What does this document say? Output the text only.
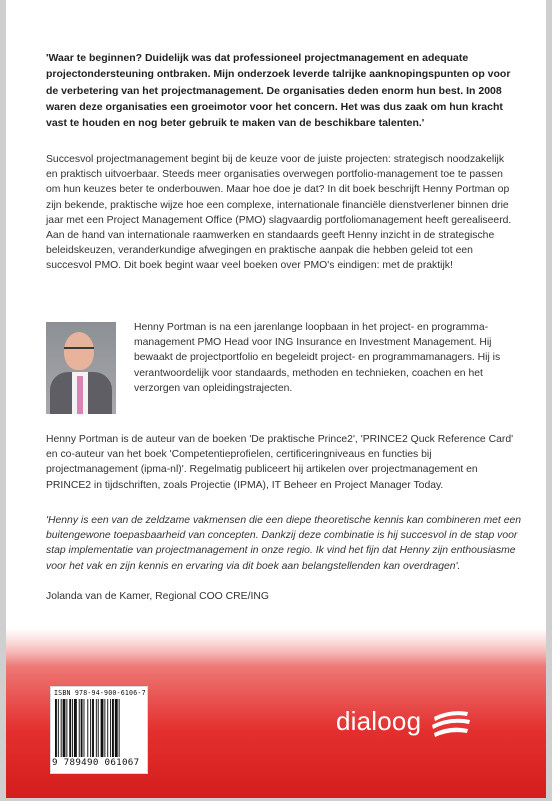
'Waar te beginnen? Duidelijk was dat professioneel projectmanagement en adequate projectondersteuning ontbraken. Mijn onderzoek leverde talrijke aanknopingspunten op voor de verbetering van het projectmanagement. De organisaties deden enorm hun best. In 2008 waren deze organisaties een groeimotor voor het concern. Het was dus zaak om hun kracht vast te houden en nog beter gebruik te maken van de beschikbare talenten.'

Succesvol projectmanagement begint bij de keuze voor de juiste projecten: strategisch noodzakelijk en praktisch uitvoerbaar. Steeds meer organisaties overwegen portfolio-management toe te passen om hun keuzes beter te onderbouwen. Maar hoe doe je dat? In dit boek beschrijft Henny Portman op zijn bekende, praktische wijze hoe een complexe, internationale financiële dienstverlener binnen drie jaar met een Project Management Office (PMO) slagvaardig portfoliomanagement heeft gerealiseerd. Aan de hand van internationale raamwerken en standaards geeft Henny inzicht in de strategische beleidskeuzen, veranderkundige afwegingen en praktische aanpak die hebben geleid tot een succesvol PMO. Dit boek begint waar veel boeken over PMO's eindigen: met de praktijk!

Henny Portman is na een jarenlange loopbaan in het project- en programma-management PMO Head voor ING Insurance en Investment Management. Hij bewaakt de projectportfolio en begeleidt project- en programmamanagers. Hij is verantwoordelijk voor standaards, methoden en technieken, coachen en het verzorgen van opleidingstrajecten.

Henny Portman is de auteur van de boeken 'De praktische Prince2', 'PRINCE2 Quck Reference Card' en co-auteur van het boek 'Competentieprofielen, certificeringniveaus en functies bij projectmanagement (ipma-nl)'. Regelmatig publiceert hij artikelen over projectmanagement en PRINCE2 in tijdschriften, zoals Projectie (IPMA), IT Beheer en Project Manager Today.

'Henny is een van de zeldzame vakmensen die een diepe theoretische kennis kan combineren met een buitengewone toepasbaarheid van concepten. Dankzij deze combinatie is hij succesvol in de stap voor stap implementatie van projectmanagement in onze regio. Ik vind het fijn dat Henny zijn enthousiasme voor het vak en zijn kennis en ervaring via dit boek aan belangstellenden kan overdragen'.

Jolanda van de Kamer, Regional COO CRE/ING

ISBN 978-94-900-6106-7
9 789490 061067
dialoog
